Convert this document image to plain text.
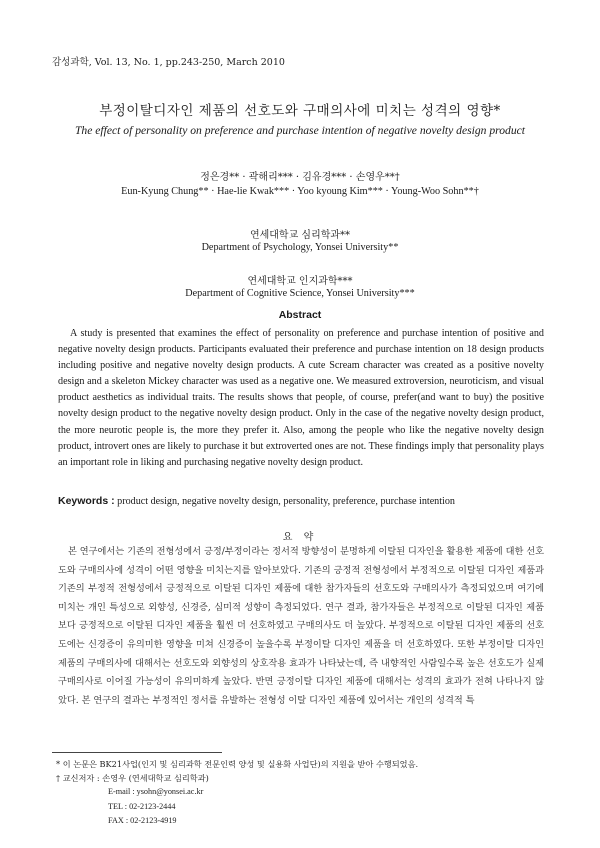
감성과학, Vol. 13, No. 1, pp.243-250, March 2010
부정이탈디자인 제품의 선호도와 구매의사에 미치는 성격의 영향*
The effect of personality on preference and purchase intention of negative novelty design product
정은경** · 곽해리*** · 김유경*** · 손영우**†
Eun-Kyung Chung** · Hae-lie Kwak*** · Yoo kyoung Kim*** · Young-Woo Sohn**†
연세대학교 심리학과**
Department of Psychology, Yonsei University**
연세대학교 인지과학***
Department of Cognitive Science, Yonsei University***
Abstract
A study is presented that examines the effect of personality on preference and purchase intention of positive and negative novelty design products. Participants evaluated their preference and purchase intention on 18 design products including positive and negative novelty design products. A cute Scream character was created as a positive novelty design and a skeleton Mickey character was used as a negative one. We measured extroversion, neuroticism, and visual product aesthetics as individual traits. The results shows that people, of course, prefer(and want to buy) the positive novelty design product to the negative novelty design product. Only in the case of the negative novelty design product, the more neurotic people is, the more they prefer it. Also, among the people who like the negative novelty design product, introvert ones are likely to purchase it but extroverted ones are not. These findings imply that personality plays an important role in liking and purchasing negative novelty design product.
Keywords : product design, negative novelty design, personality, preference, purchase intention
요 약
본 연구에서는 기존의 전형성에서 긍정/부정이라는 정서적 방향성이 분명하게 이탈된 디자인을 활용한 제품에 대한 선호도와 구매의사에 성격이 어떤 영향을 미치는지를 알아보았다. 기존의 긍정적 전형성에서 부정적으로 이탈된 디자인 제품과 기존의 부정적 전형성에서 긍정적으로 이탈된 디자인 제품에 대한 참가자들의 선호도와 구매의사가 측정되었으며 여기에 미치는 개인 특성으로 외향성, 신경증, 심미적 성향이 측정되었다. 연구 결과, 참가자들은 부정적으로 이탈된 디자인 제품보다 긍정적으로 이탈된 디자인 제품을 훨씬 더 선호하였고 구매의사도 더 높았다. 부정적으로 이탈된 디자인 제품의 선호도에는 신경증이 유의미한 영향을 미쳐 신경증이 높을수록 부정이탈 디자인 제품을 더 선호하였다. 또한 부정이탈 디자인 제품의 구매의사에 대해서는 선호도와 외향성의 상호작용 효과가 나타났는데, 즉 내향적인 사람일수록 높은 선호도가 실제 구매의사로 이어질 가능성이 유의미하게 높았다. 반면 긍정이탈 디자인 제품에 대해서는 성격의 효과가 전혀 나타나지 않았다. 본 연구의 결과는 부정적인 정서를 유발하는 전형성 이탈 디자인 제품에 있어서는 개인의 성격적 특
* 이 논문은 BK21사업(인지 및 심리과학 전문인력 양성 및 실용화 사업단)의 지원을 받아 수행되었음.
† 교신저자 : 손영우 (연세대학교 심리학과)
E-mail : ysohn@yonsei.ac.kr
TEL : 02-2123-2444
FAX : 02-2123-4919
